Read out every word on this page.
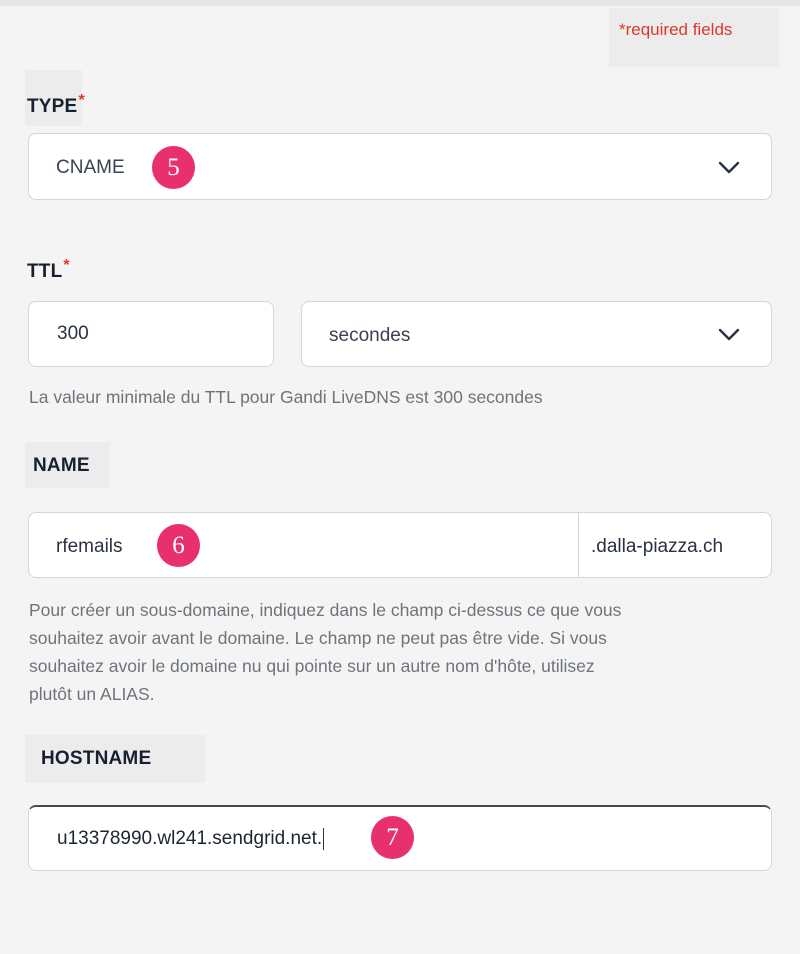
*required fields
TYPE*
CNAME	5
TTL*
300	secondes
La valeur minimale du TTL pour Gandi LiveDNS est 300 secondes
NAME
rfemails	.dalla-piazza.ch
6
Pour créer un sous-domaine, indiquez dans le champ ci-dessus ce que vous
souhaitez avoir avant le domaine. Le champ ne peut pas être vide. Si vous
souhaitez avoir le domaine nu qui pointe sur un autre nom d'hôte, utilisez
plutôt un ALIAS.
HOSTNAME
u13378990.wl241.sendgrid.net.	7
